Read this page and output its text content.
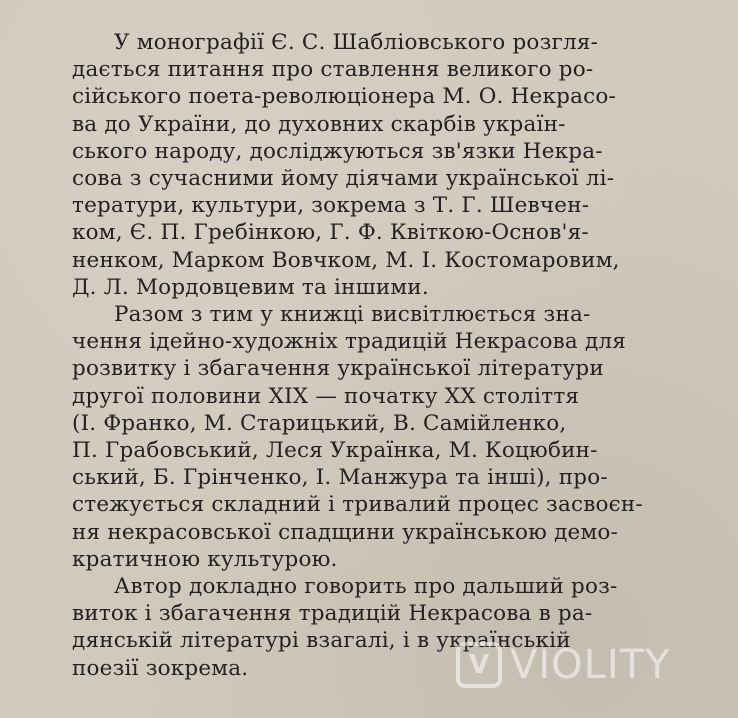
У монографії Є. С. Шабліовського розгля-
дається питання про ставлення великого ро-
сійського поета-революціонера М. О. Некрасо-
ва до України, до духовних скарбів україн-
ського народу, досліджуються зв'язки Некра-
сова з сучасними йому діячами української лі-
тератури, культури, зокрема з Т. Г. Шевчен-
ком, Є. П. Гребінкою, Г. Ф. Квіткою-Основ'я-
ненком, Марком Вовчком, М. І. Костомаровим,
Д. Л. Мордовцевим та іншими.
Разом з тим у книжці висвітлюється зна-
чення ідейно-художніх традицій Некрасова для
розвитку і збагачення української літератури
другої половини XIX — початку XX століття
(І. Франко, М. Старицький, В. Самійленко,
П. Грабовський, Леся Українка, М. Коцюбин-
ський, Б. Грінченко, І. Манжура та інші), про-
стежується складний і тривалий процес засвоєн-
ня некрасовської спадщини українською демо-
кратичною культурою.
Автор докладно говорить про дальший роз-
виток і збагачення традицій Некрасова в ра-
дянській літературі взагалі, і в українській
поезії зокрема.	V VIOLITY
